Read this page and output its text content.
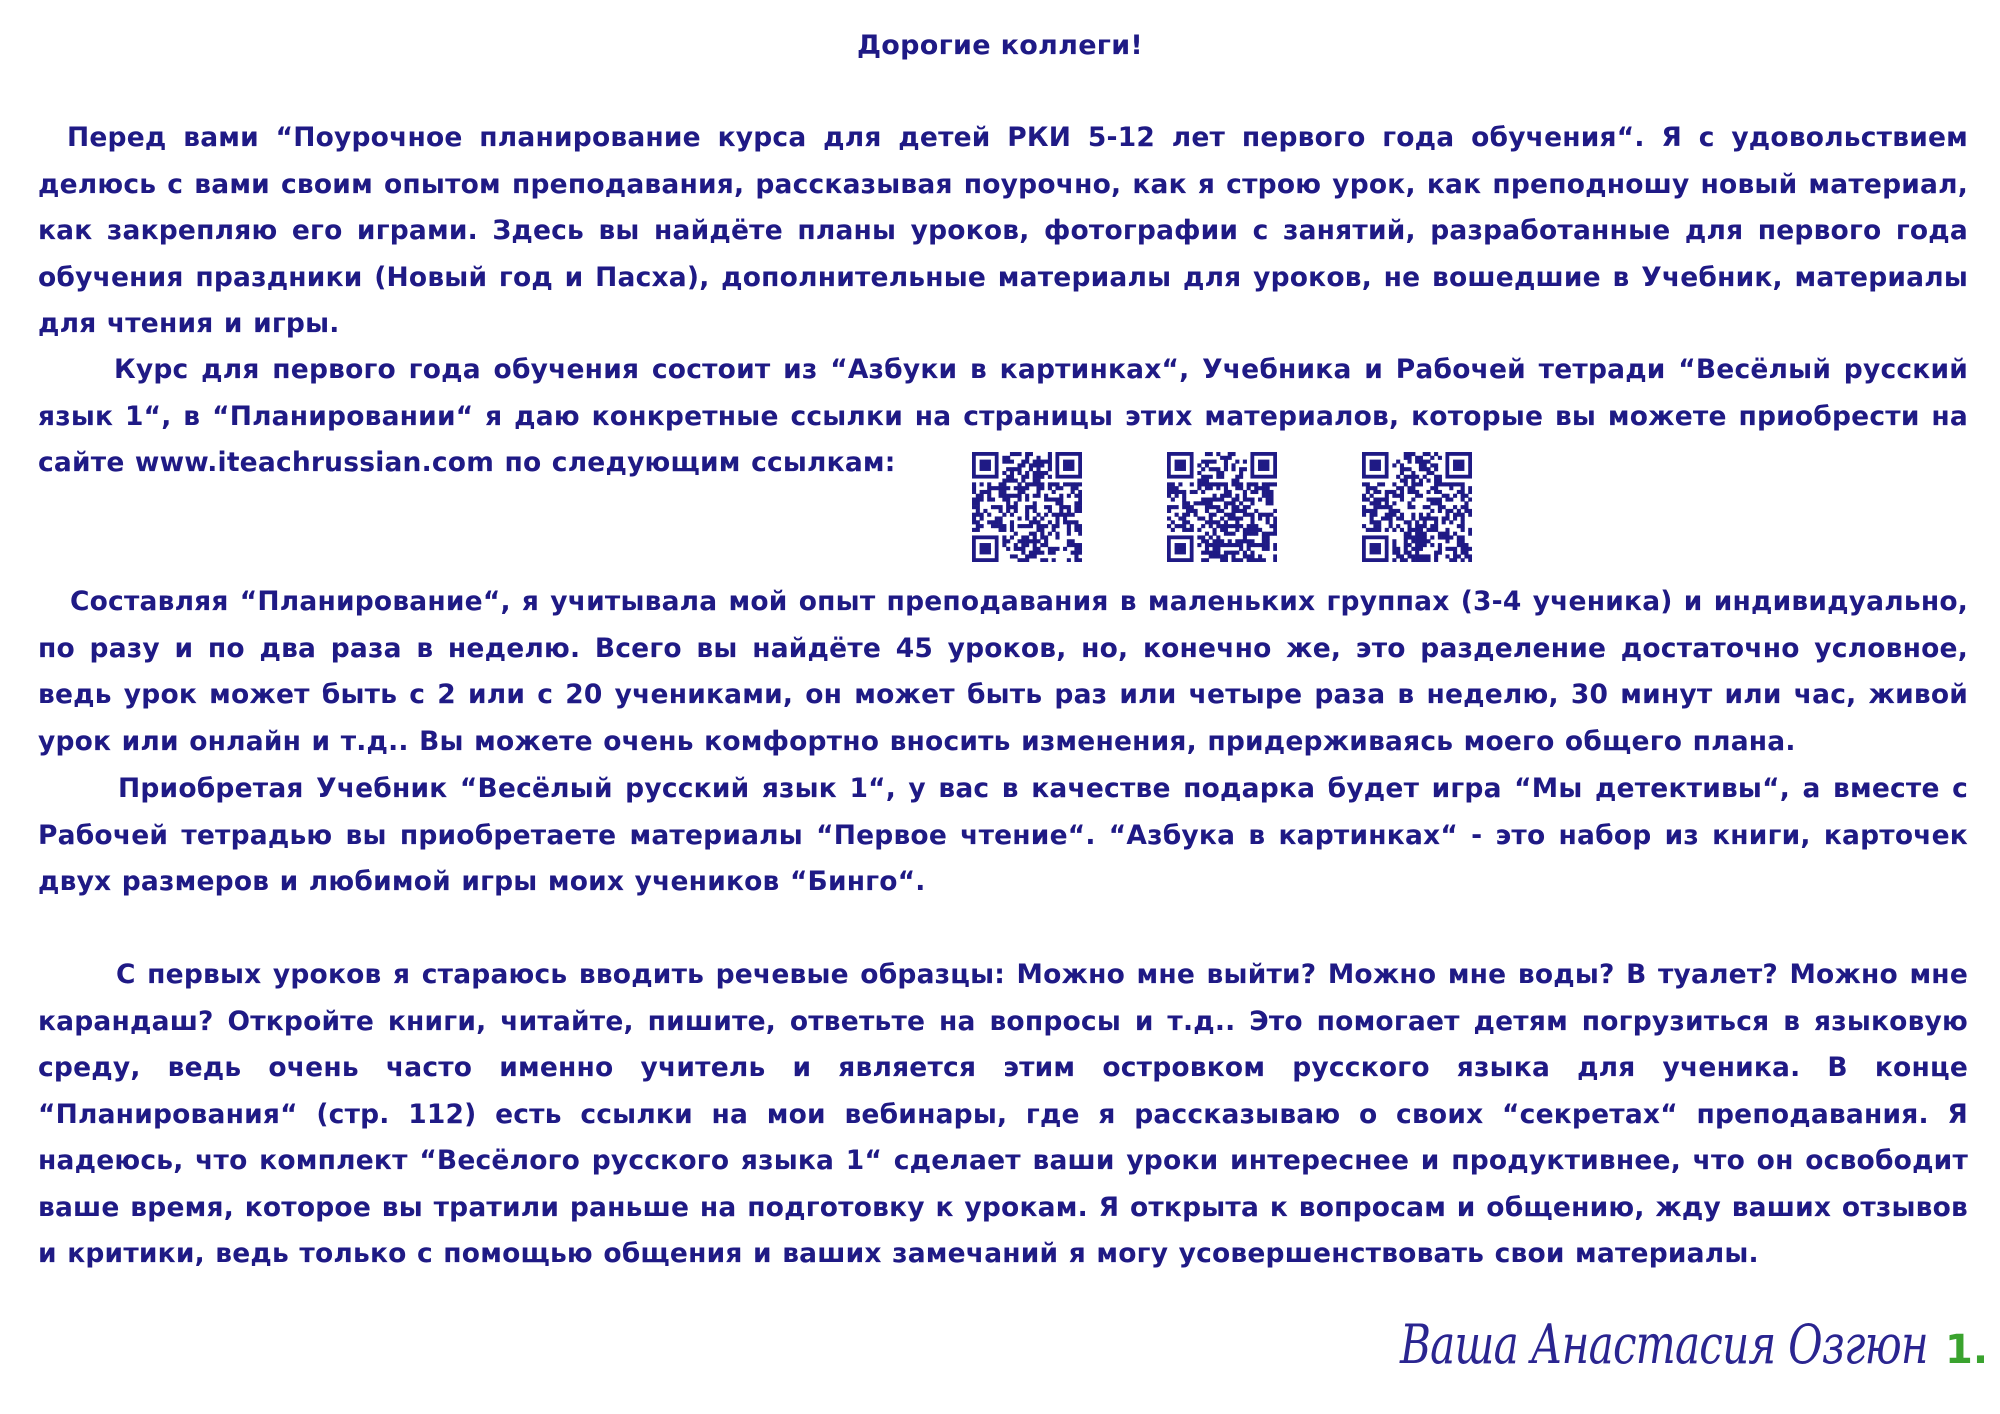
Дорогие коллеги!

Перед вами “Поурочное планирование курса для детей РКИ 5-12 лет первого года обучения“. Я с удовольствием делюсь с вами своим опытом преподавания, рассказывая поурочно, как я строю урок, как преподношу новый материал, как закрепляю его играми. Здесь вы найдёте планы уроков, фотографии с занятий, разработанные для первого года обучения праздники (Новый год и Пасха), дополнительные материалы для уроков, не вошедшие в Учебник, материалы для чтения и игры.

Курс для первого года обучения состоит из “Азбуки в картинках“, Учебника и Рабочей тетради “Весёлый русский язык 1“, в “Планировании“ я даю конкретные ссылки на страницы этих материалов, которые вы можете приобрести на сайте www.iteachrussian.com по следующим ссылкам:

Составляя “Планирование“, я учитывала мой опыт преподавания в маленьких группах (3-4 ученика) и индивидуально, по разу и по два раза в неделю. Всего вы найдёте 45 уроков, но, конечно же, это разделение достаточно условное, ведь урок может быть с 2 или с 20 учениками, он может быть раз или четыре раза в неделю, 30 минут или час, живой урок или онлайн и т.д.. Вы можете очень комфортно вносить изменения, придерживаясь моего общего плана.

Приобретая Учебник “Весёлый русский язык 1“, у вас в качестве подарка будет игра “Мы детективы“, а вместе с Рабочей тетрадью вы приобретаете материалы “Первое чтение“. “Азбука в картинках“ - это набор из книги, карточек двух размеров и любимой игры моих учеников “Бинго“.

С первых уроков я стараюсь вводить речевые образцы: Можно мне выйти? Можно мне воды? В туалет? Можно мне карандаш? Откройте книги, читайте, пишите, ответьте на вопросы и т.д.. Это помогает детям погрузиться в языковую среду, ведь очень часто именно учитель и является этим островком русского языка для ученика. В конце “Планирования“ (стр. 112) есть ссылки на мои вебинары, где я рассказываю о своих “секретах“ преподавания. Я надеюсь, что комплект “Весёлого русского языка 1“ сделает ваши уроки интереснее и продуктивнее, что он освободит ваше время, которое вы тратили раньше на подготовку к урокам. Я открыта к вопросам и общению, жду ваших отзывов и критики, ведь только с помощью общения и ваших замечаний я могу усовершенствовать свои материалы.

Ваша Анастасия Озгюн 1.
